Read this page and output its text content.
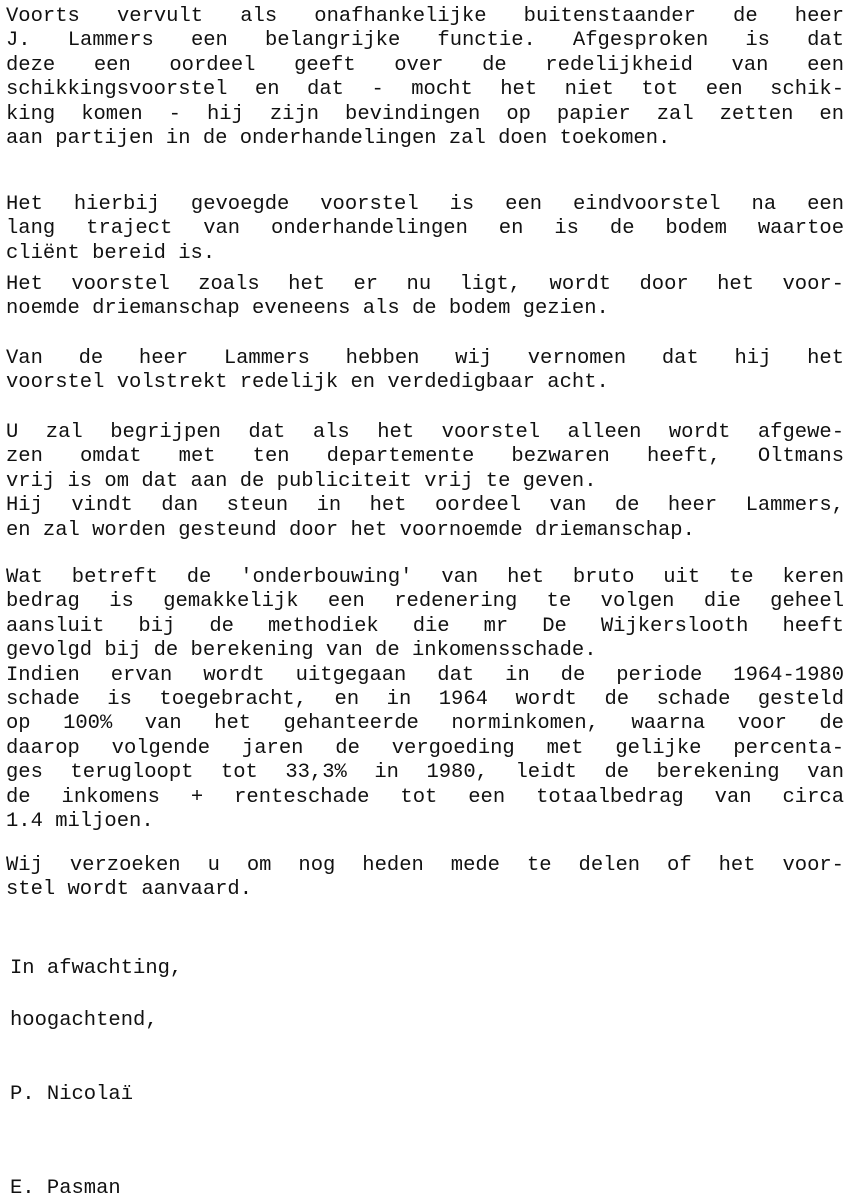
Voorts vervult als onafhankelijke buitenstaander de heer
J. Lammers een belangrijke functie. Afgesproken is dat
deze een oordeel geeft over de redelijkheid van een
schikkingsvoorstel en dat - mocht het niet tot een schik-
king komen - hij zijn bevindingen op papier zal zetten en
aan partijen in de onderhandelingen zal doen toekomen.
Het hierbij gevoegde voorstel is een eindvoorstel na een
lang traject van onderhandelingen en is de bodem waartoe
cliënt bereid is.
Het voorstel zoals het er nu ligt, wordt door het voor-
noemde driemanschap eveneens als de bodem gezien.
Van de heer Lammers hebben wij vernomen dat hij het
voorstel volstrekt redelijk en verdedigbaar acht.
U zal begrijpen dat als het voorstel alleen wordt afgewe-
zen omdat met ten departemente bezwaren heeft, Oltmans
vrij is om dat aan de publiciteit vrij te geven.
Hij vindt dan steun in het oordeel van de heer Lammers,
en zal worden gesteund door het voornoemde driemanschap.
Wat betreft de 'onderbouwing' van het bruto uit te keren
bedrag is gemakkelijk een redenering te volgen die geheel
aansluit bij de methodiek die mr De Wijkerslooth heeft
gevolgd bij de berekening van de inkomensschade.
Indien ervan wordt uitgegaan dat in de periode 1964-1980
schade is toegebracht, en in 1964 wordt de schade gesteld
op 100% van het gehanteerde norminkomen, waarna voor de
daarop volgende jaren de vergoeding met gelijke percenta-
ges terugloopt tot 33,3% in 1980, leidt de berekening van
de inkomens + renteschade tot een totaalbedrag van circa
1.4 miljoen.
Wij verzoeken u om nog heden mede te delen of het voor-
stel wordt aanvaard.
In afwachting,
hoogachtend,
P. Nicolaï
E. Pasman
